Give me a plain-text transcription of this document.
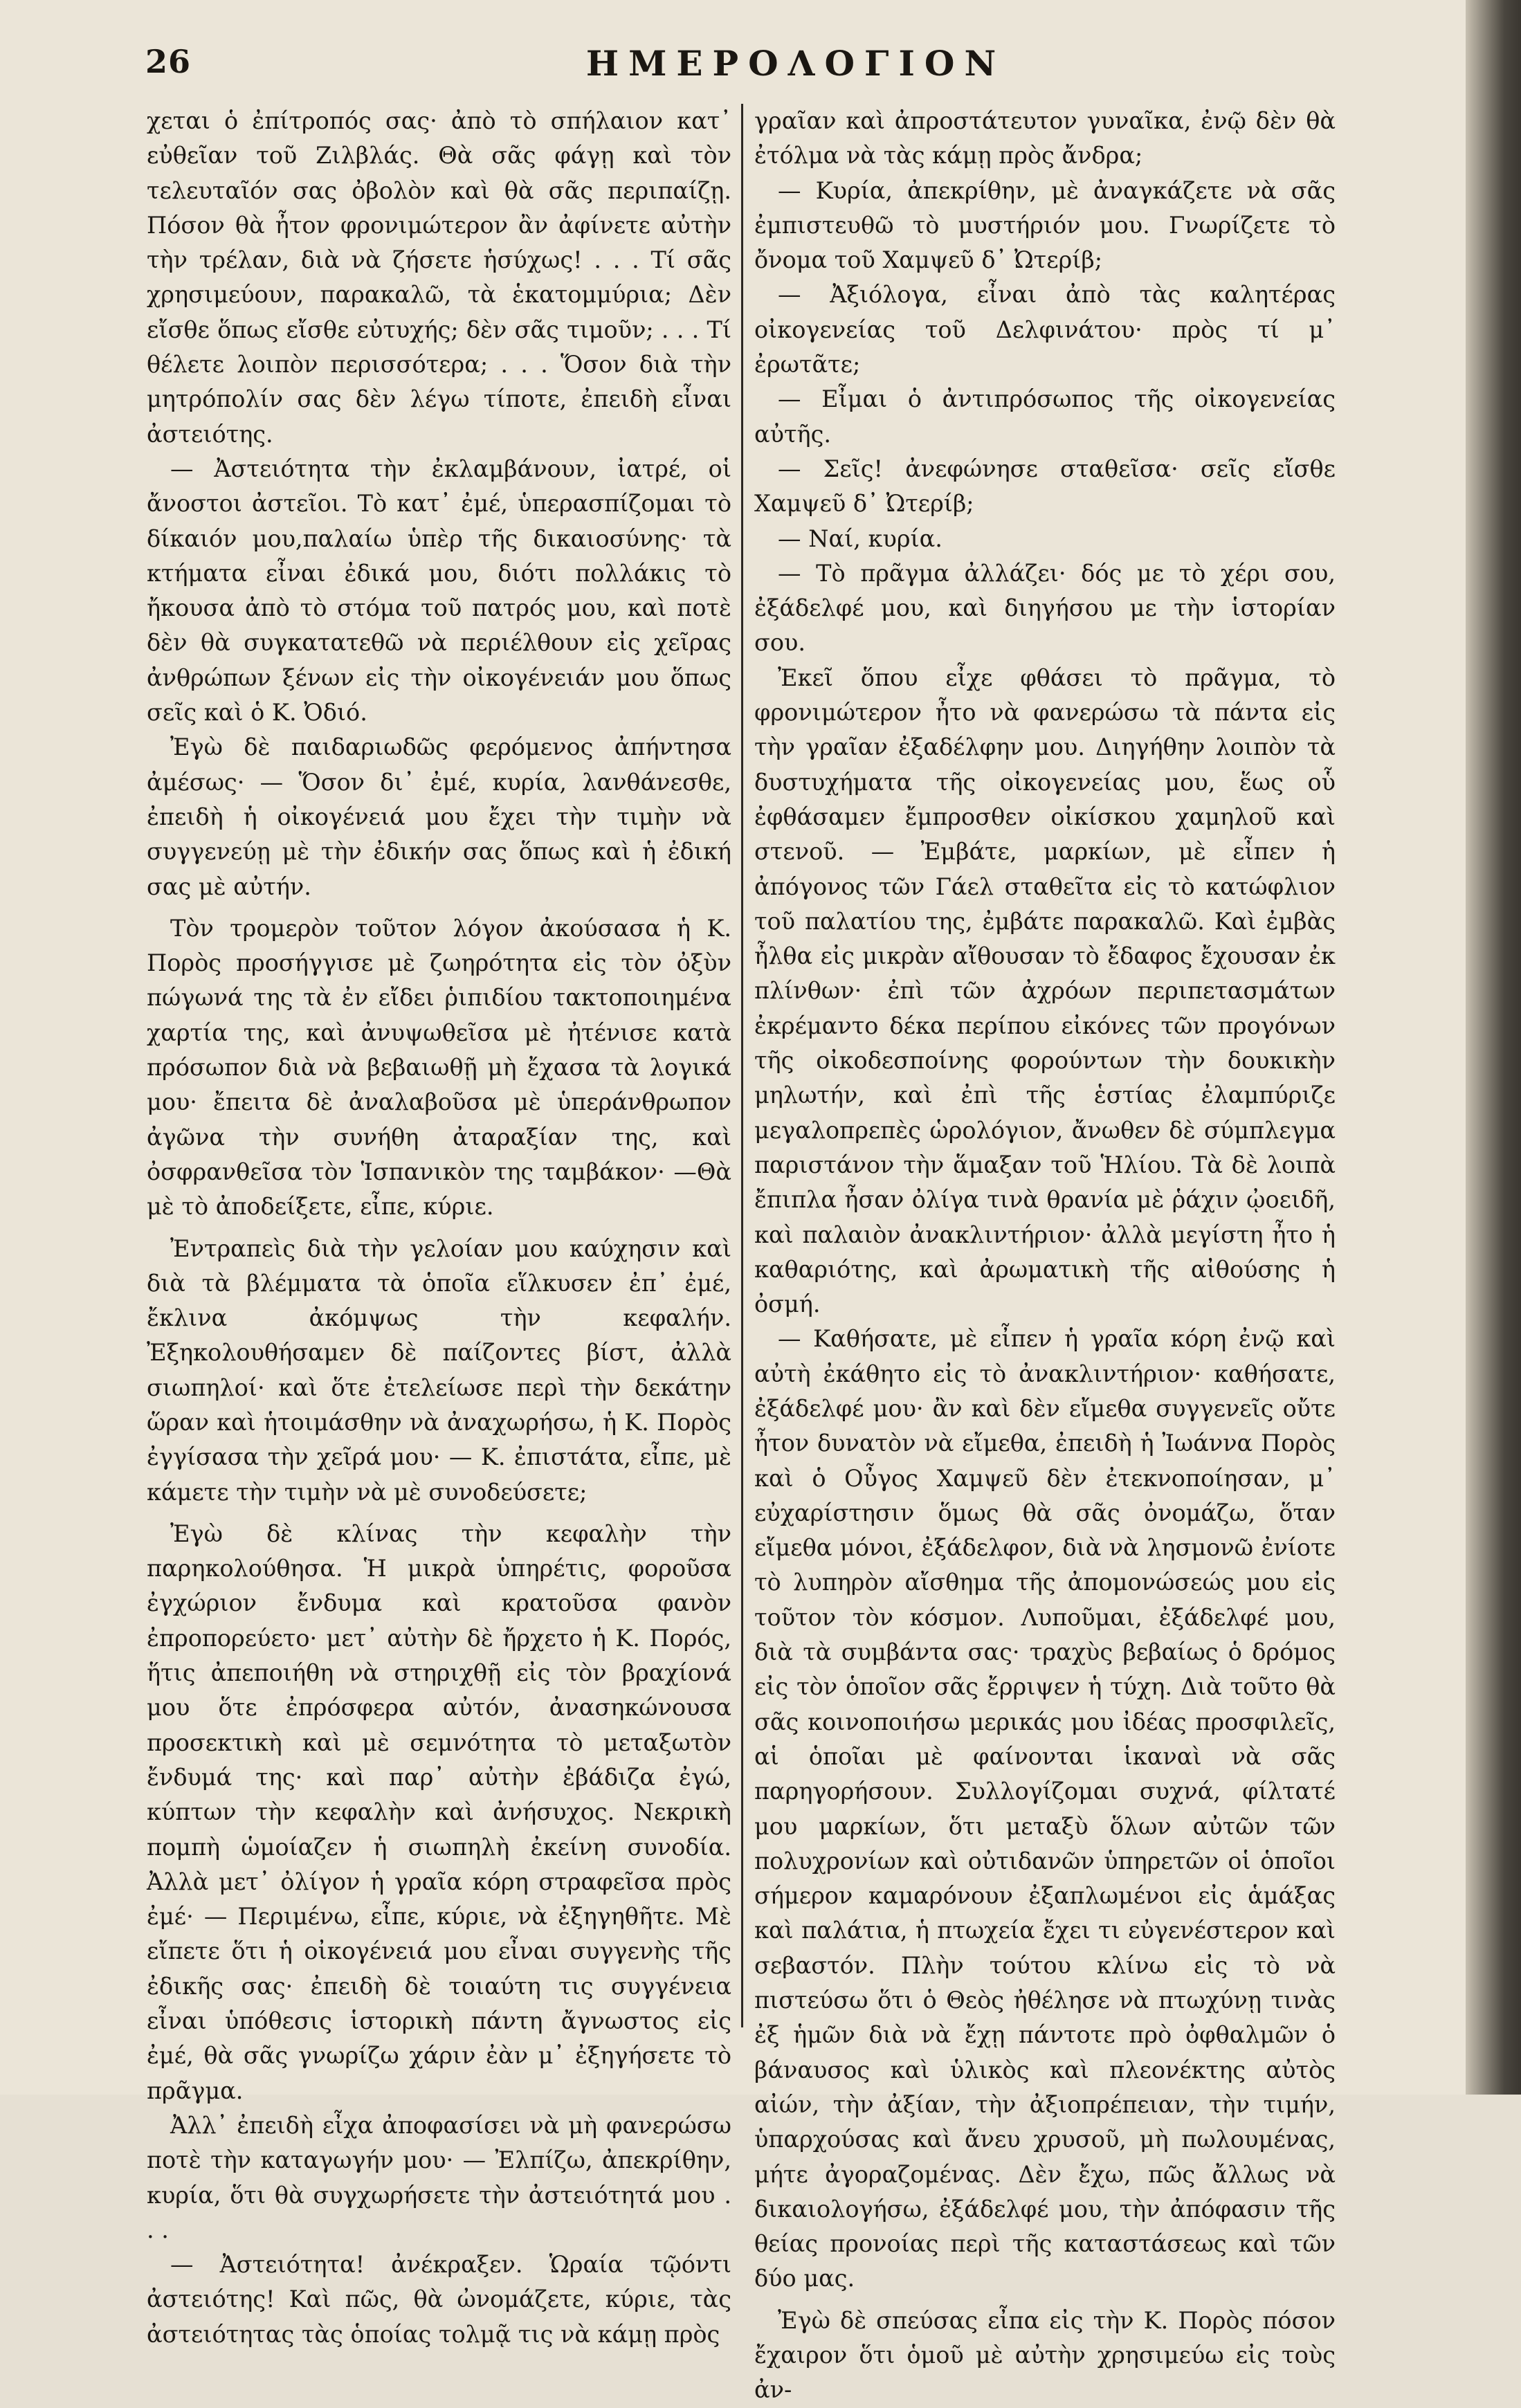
26	ΗΜΕΡΟΛΟΓΙΟΝ

χεται ὁ ἐπίτροπός σας· ἀπὸ τὸ σπήλαιον κατ᾽ εὐθεῖαν τοῦ Ζιλβλάς. Θὰ σᾶς φάγῃ καὶ τὸν τελευταῖόν σας ὀβολὸν καὶ θὰ σᾶς περιπαίζῃ. Πόσον θὰ ἦτον φρονιμώτερον ἂν ἀφίνετε αὐτὴν τὴν τρέλαν, διὰ νὰ ζήσετε ἡσύχως! . . . Τί σᾶς χρησιμεύουν, παρακαλῶ, τὰ ἑκατομμύρια; Δὲν εἴσθε ὅπως εἴσθε εὐτυχής; δὲν σᾶς τιμοῦν; . . . Τί θέλετε λοιπὸν περισσότερα; . . . Ὅσον διὰ τὴν μητρόπολίν σας δὲν λέγω τίποτε, ἐπειδὴ εἶναι ἀστειότης.

— Ἀστειότητα τὴν ἐκλαμβάνουν, ἰατρέ, οἱ ἄνοστοι ἀστεῖοι. Τὸ κατ᾽ ἐμέ, ὑπερασπίζομαι τὸ δίκαιόν μου,παλαίω ὑπὲρ τῆς δικαιοσύνης· τὰ κτήματα εἶναι ἐδικά μου, διότι πολλάκις τὸ ἤκουσα ἀπὸ τὸ στόμα τοῦ πατρός μου, καὶ ποτὲ δὲν θὰ συγκατατεθῶ νὰ περιέλθουν εἰς χεῖρας ἀνθρώπων ξένων εἰς τὴν οἰκογένειάν μου ὅπως σεῖς καὶ ὁ Κ. Ὀδιό.

Ἐγὼ δὲ παιδαριωδῶς φερόμενος ἀπήντησα ἀμέσως· — Ὅσον δι᾽ ἐμέ, κυρία, λανθάνεσθε, ἐπειδὴ ἡ οἰκογένειά μου ἔχει τὴν τιμὴν νὰ συγγενεύῃ μὲ τὴν ἐδικήν σας ὅπως καὶ ἡ ἐδική σας μὲ αὐτήν.

Τὸν τρομερὸν τοῦτον λόγον ἀκούσασα ἡ Κ. Πορὸς προσήγγισε μὲ ζωηρότητα εἰς τὸν ὀξὺν πώγωνά της τὰ ἐν εἴδει ῥιπιδίου τακτοποιημένα χαρτία της, καὶ ἀνυψωθεῖσα μὲ ἠτένισε κατὰ πρόσωπον διὰ νὰ βεβαιωθῇ μὴ ἔχασα τὰ λογικά μου· ἔπειτα δὲ ἀναλαβοῦσα μὲ ὑπεράνθρωπον ἀγῶνα τὴν συνήθη ἀταραξίαν της, καὶ ὀσφρανθεῖσα τὸν Ἱσπανικὸν της ταμβάκον· —Θὰ μὲ τὸ ἀποδείξετε, εἶπε, κύριε.

Ἐντραπεὶς διὰ τὴν γελοίαν μου καύχησιν καὶ διὰ τὰ βλέμματα τὰ ὁποῖα εἵλκυσεν ἐπ᾽ ἐμέ, ἔκλινα ἀκόμψως τὴν κεφαλήν. Ἐξηκολουθήσαμεν δὲ παίζοντες βίστ, ἀλλὰ σιωπηλοί· καὶ ὅτε ἐτελείωσε περὶ τὴν δεκάτην ὥραν καὶ ἡτοιμάσθην νὰ ἀναχωρήσω, ἡ Κ. Πορὸς ἐγγίσασα τὴν χεῖρά μου· — Κ. ἐπιστάτα, εἶπε, μὲ κάμετε τὴν τιμὴν νὰ μὲ συνοδεύσετε;

Ἐγὼ δὲ κλίνας τὴν κεφαλὴν τὴν παρηκολούθησα. Ἡ μικρὰ ὑπηρέτις, φοροῦσα ἐγχώριον ἔνδυμα καὶ κρατοῦσα φανὸν ἐπροπορεύετο· μετ᾽ αὐτὴν δὲ ἤρχετο ἡ Κ. Πορός, ἥτις ἀπεποιήθη νὰ στηριχθῇ εἰς τὸν βραχίονά μου ὅτε ἐπρόσφερα αὐτόν, ἀνασηκώνουσα προσεκτικὴ καὶ μὲ σεμνότητα τὸ μεταξωτὸν ἔνδυμά της· καὶ παρ᾽ αὐτὴν ἐβάδιζα ἐγώ, κύπτων τὴν κεφαλὴν καὶ ἀνήσυχος. Νεκρικὴ πομπὴ ὡμοίαζεν ἡ σιωπηλὴ ἐκείνη συνοδία. Ἀλλὰ μετ᾽ ὀλίγον ἡ γραῖα κόρη στραφεῖσα πρὸς ἐμέ· — Περιμένω, εἶπε, κύριε, νὰ ἐξηγηθῆτε. Μὲ εἴπετε ὅτι ἡ οἰκογένειά μου εἶναι συγγενὴς τῆς ἐδικῆς σας· ἐπειδὴ δὲ τοιαύτη τις συγγένεια εἶναι ὑπόθεσις ἱστορικὴ πάντη ἄγνωστος εἰς ἐμέ, θὰ σᾶς γνωρίζω χάριν ἐὰν μ᾽ ἐξηγήσετε τὸ πρᾶγμα.

Ἀλλ᾽ ἐπειδὴ εἶχα ἀποφασίσει νὰ μὴ φανερώσω ποτὲ τὴν καταγωγήν μου· — Ἐλπίζω, ἀπεκρίθην, κυρία, ὅτι θὰ συγχωρήσετε τὴν ἀστειότητά μου . . .

— Ἀστειότητα! ἀνέκραξεν. Ὡραία τῷόντι ἀστειότης! Καὶ πῶς, θὰ ὠνομάζετε, κύριε, τὰς ἀστειότητας τὰς ὁποίας τολμᾷ τις νὰ κάμῃ πρὸς

γραῖαν καὶ ἀπροστάτευτον γυναῖκα, ἐνῷ δὲν θὰ ἐτόλμα νὰ τὰς κάμῃ πρὸς ἄνδρα;

— Κυρία, ἀπεκρίθην, μὲ ἀναγκάζετε νὰ σᾶς ἐμπιστευθῶ τὸ μυστήριόν μου. Γνωρίζετε τὸ ὄνομα τοῦ Χαμψεῦ δ᾽ Ὠτερίβ;

— Ἀξιόλογα, εἶναι ἀπὸ τὰς καλητέρας οἰκογενείας τοῦ Δελφινάτου· πρὸς τί μ᾽ ἐρωτᾶτε;

— Εἶμαι ὁ ἀντιπρόσωπος τῆς οἰκογενείας αὐτῆς.

— Σεῖς! ἀνεφώνησε σταθεῖσα· σεῖς εἴσθε Χαμψεῦ δ᾽ Ὠτερίβ;

— Ναί, κυρία.

— Τὸ πρᾶγμα ἀλλάζει· δός με τὸ χέρι σου, ἐξάδελφέ μου, καὶ διηγήσου με τὴν ἱστορίαν σου.

Ἐκεῖ ὅπου εἶχε φθάσει τὸ πρᾶγμα, τὸ φρονιμώτερον ἦτο νὰ φανερώσω τὰ πάντα εἰς τὴν γραῖαν ἐξαδέλφην μου. Διηγήθην λοιπὸν τὰ δυστυχήματα τῆς οἰκογενείας μου, ἕως οὗ ἐφθάσαμεν ἔμπροσθεν οἰκίσκου χαμηλοῦ καὶ στενοῦ. — Ἐμβάτε, μαρκίων, μὲ εἶπεν ἡ ἀπόγονος τῶν Γάελ σταθεῖτα εἰς τὸ κατώφλιον τοῦ παλατίου της, ἐμβάτε παρακαλῶ. Καὶ ἐμβὰς ἦλθα εἰς μικρὰν αἴθουσαν τὸ ἔδαφος ἔχουσαν ἐκ πλίνθων· ἐπὶ τῶν ἀχρόων περιπετασμάτων ἐκρέμαντο δέκα περίπου εἰκόνες τῶν προγόνων τῆς οἰκοδεσποίνης φορούντων τὴν δουκικὴν μηλωτήν, καὶ ἐπὶ τῆς ἑστίας ἐλαμπύριζε μεγαλοπρεπὲς ὡρολόγιον, ἄνωθεν δὲ σύμπλεγμα παριστάνον τὴν ἅμαξαν τοῦ Ἡλίου. Τὰ δὲ λοιπὰ ἔπιπλα ἦσαν ὀλίγα τινὰ θρανία μὲ ῥάχιν ᾠοειδῆ, καὶ παλαιὸν ἀνακλιντήριον· ἀλλὰ μεγίστη ἦτο ἡ καθαριότης, καὶ ἀρωματικὴ τῆς αἰθούσης ἡ ὀσμή.

— Καθήσατε, μὲ εἶπεν ἡ γραῖα κόρη ἐνῷ καὶ αὐτὴ ἐκάθητο εἰς τὸ ἀνακλιντήριον· καθήσατε, ἐξάδελφέ μου· ἂν καὶ δὲν εἴμεθα συγγενεῖς οὔτε ἦτον δυνατὸν νὰ εἴμεθα, ἐπειδὴ ἡ Ἰωάννα Πορὸς καὶ ὁ Οὖγος Χαμψεῦ δὲν ἐτεκνοποίησαν, μ᾽ εὐχαρίστησιν ὅμως θὰ σᾶς ὀνομάζω, ὅταν εἴμεθα μόνοι, ἐξάδελφον, διὰ νὰ λησμονῶ ἐνίοτε τὸ λυπηρὸν αἴσθημα τῆς ἀπομονώσεώς μου εἰς τοῦτον τὸν κόσμον. Λυποῦμαι, ἐξάδελφέ μου, διὰ τὰ συμβάντα σας· τραχὺς βεβαίως ὁ δρόμος εἰς τὸν ὁποῖον σᾶς ἔρριψεν ἡ τύχη. Διὰ τοῦτο θὰ σᾶς κοινοποιήσω μερικάς μου ἰδέας προσφιλεῖς, αἱ ὁποῖαι μὲ φαίνονται ἱκαναὶ νὰ σᾶς παρηγορήσουν. Συλλογίζομαι συχνά, φίλτατέ μου μαρκίων, ὅτι μεταξὺ ὅλων αὐτῶν τῶν πολυχρονίων καὶ οὐτιδανῶν ὑπηρετῶν οἱ ὁποῖοι σήμερον καμαρόνουν ἐξαπλωμένοι εἰς ἁμάξας καὶ παλάτια, ἡ πτωχεία ἔχει τι εὐγενέστερον καὶ σεβαστόν. Πλὴν τούτου κλίνω εἰς τὸ νὰ πιστεύσω ὅτι ὁ Θεὸς ἠθέλησε νὰ πτωχύνῃ τινὰς ἐξ ἡμῶν διὰ νὰ ἔχῃ πάντοτε πρὸ ὀφθαλμῶν ὁ βάναυσος καὶ ὑλικὸς καὶ πλεονέκτης αὐτὸς αἰών, τὴν ἀξίαν, τὴν ἀξιοπρέπειαν, τὴν τιμήν, ὑπαρχούσας καὶ ἄνευ χρυσοῦ, μὴ πωλουμένας, μήτε ἀγοραζομένας. Δὲν ἔχω, πῶς ἄλλως νὰ δικαιολογήσω, ἐξάδελφέ μου, τὴν ἀπόφασιν τῆς θείας προνοίας περὶ τῆς καταστάσεως καὶ τῶν δύο μας.

Ἐγὼ δὲ σπεύσας εἶπα εἰς τὴν Κ. Πορὸς πόσον ἔχαιρον ὅτι ὁμοῦ μὲ αὐτὴν χρησιμεύω εἰς τοὺς ἀν-
